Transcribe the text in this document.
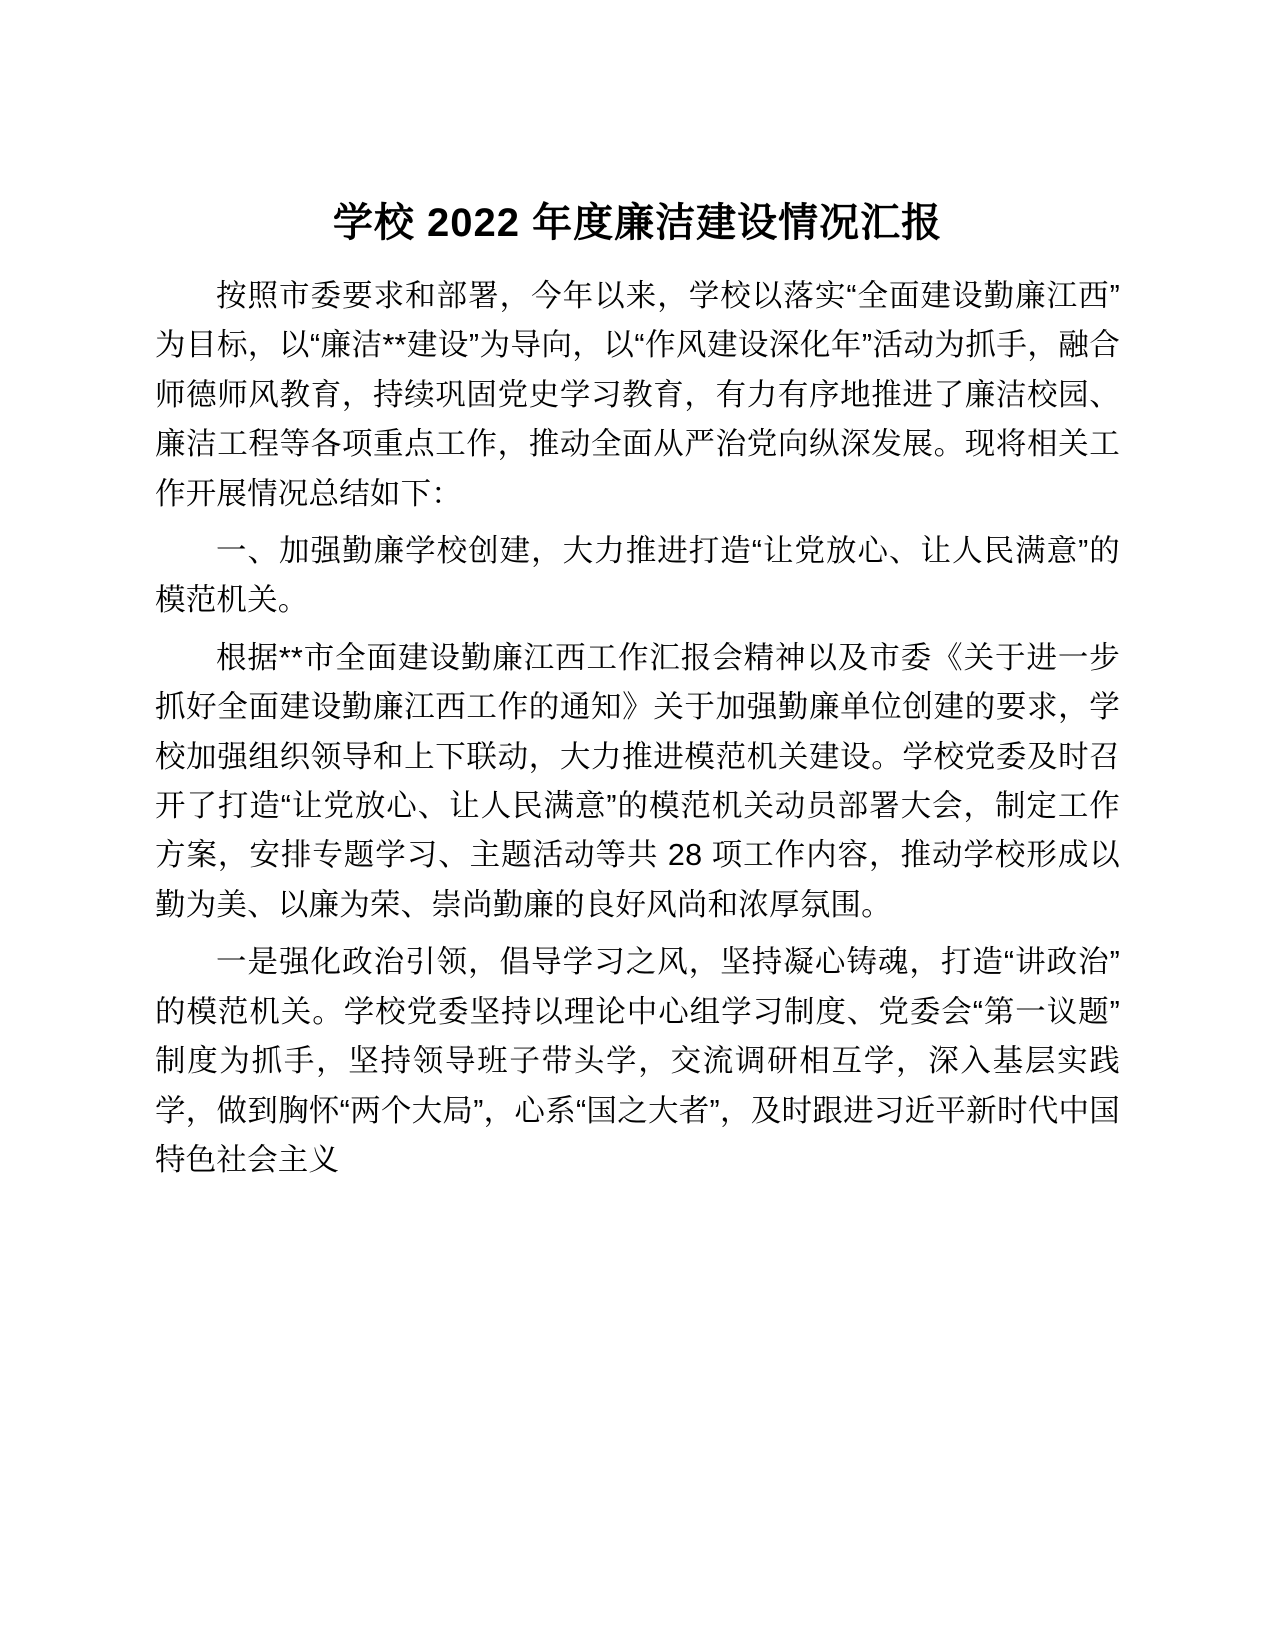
学校 2022 年度廉洁建设情况汇报

按照市委要求和部署，今年以来，学校以落实“全面建设勤廉江西”为目标，以“廉洁**建设”为导向，以“作风建设深化年”活动为抓手，融合师德师风教育，持续巩固党史学习教育，有力有序地推进了廉洁校园、廉洁工程等各项重点工作，推动全面从严治党向纵深发展。现将相关工作开展情况总结如下：

一、加强勤廉学校创建，大力推进打造“让党放心、让人民满意”的模范机关。

根据**市全面建设勤廉江西工作汇报会精神以及市委《关于进一步抓好全面建设勤廉江西工作的通知》关于加强勤廉单位创建的要求，学校加强组织领导和上下联动，大力推进模范机关建设。学校党委及时召开了打造“让党放心、让人民满意”的模范机关动员部署大会，制定工作方案，安排专题学习、主题活动等共 28 项工作内容，推动学校形成以勤为美、以廉为荣、崇尚勤廉的良好风尚和浓厚氛围。

一是强化政治引领，倡导学习之风，坚持凝心铸魂，打造“讲政治”的模范机关。学校党委坚持以理论中心组学习制度、党委会“第一议题”制度为抓手，坚持领导班子带头学，交流调研相互学，深入基层实践学，做到胸怀“两个大局”，心系“国之大者”，及时跟进习近平新时代中国特色社会主义
